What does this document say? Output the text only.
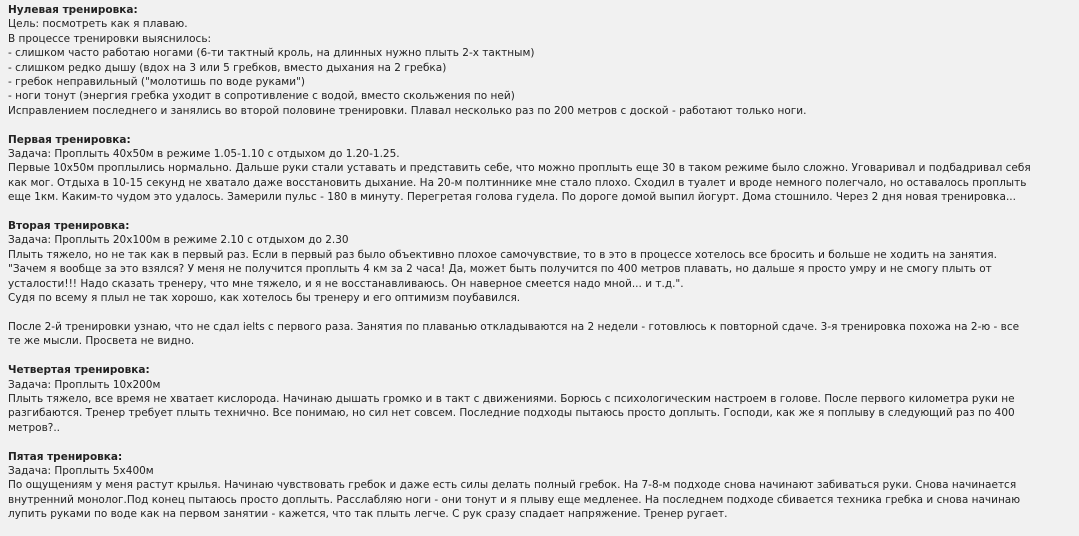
Нулевая тренировка:
Цель: посмотреть как я плаваю.
В процессе тренировки выяснилось:
- слишком часто работаю ногами (6-ти тактный кроль, на длинных нужно плыть 2-х тактным)
- слишком редко дышу (вдох на 3 или 5 гребков, вместо дыхания на 2 гребка)
- гребок неправильный ("молотишь по воде руками")
- ноги тонут (энергия гребка уходит в сопротивление с водой, вместо скольжения по ней)
Исправлением последнего и занялись во второй половине тренировки. Плавал несколько раз по 200 метров с доской - работают только ноги.
Первая тренировка:
Задача: Проплыть 40x50м в режиме 1.05-1.10 с отдыхом до 1.20-1.25.
Первые 10x50м проплылись нормально. Дальше руки стали уставать и представить себе, что можно проплыть еще 30 в таком режиме было сложно. Уговаривал и подбадривал себя
как мог. Отдыха в 10-15 секунд не хватало даже восстановить дыхание. На 20-м полтиннике мне стало плохо. Сходил в туалет и вроде немного полегчало, но оставалось проплыть
еще 1км. Каким-то чудом это удалось. Замерили пульс - 180 в минуту. Перегретая голова гудела. По дороге домой выпил йогурт. Дома стошнило. Через 2 дня новая тренировка...
Вторая тренировка:
Задача: Проплыть 20x100м в режиме 2.10 с отдыхом до 2.30
Плыть тяжело, но не так как в первый раз. Если в первый раз было объективно плохое самочувствие, то в это в процессе хотелось все бросить и больше не ходить на занятия.
"Зачем я вообще за это взялся? У меня не получится проплыть 4 км за 2 часа! Да, может быть получится по 400 метров плавать, но дальше я просто умру и не смогу плыть от
усталости!!! Надо сказать тренеру, что мне тяжело, и я не восстанавливаюсь. Он наверное смеется надо мной... и т.д.".
Судя по всему я плыл не так хорошо, как хотелось бы тренеру и его оптимизм поубавился.
После 2-й тренировки узнаю, что не сдал ielts с первого раза. Занятия по плаванью откладываются на 2 недели - готовлюсь к повторной сдаче. 3-я тренировка похожа на 2-ю - все
те же мысли. Просвета не видно.
Четвертая тренировка:
Задача: Проплыть 10x200м
Плыть тяжело, все время не хватает кислорода. Начинаю дышать громко и в такт с движениями. Борюсь с психологическим настроем в голове. После первого километра руки не
разгибаются. Тренер требует плыть технично. Все понимаю, но сил нет совсем. Последние подходы пытаюсь просто доплыть. Господи, как же я поплыву в следующий раз по 400
метров?..
Пятая тренировка:
Задача: Проплыть 5x400м
По ощущениям у меня растут крылья. Начинаю чувствовать гребок и даже есть силы делать полный гребок. На 7-8-м подходе снова начинают забиваться руки. Снова начинается
внутренний монолог.Под конец пытаюсь просто доплыть. Расслабляю ноги - они тонут и я плыву еще медленее. На последнем подходе сбивается техника гребка и снова начинаю
лупить руками по воде как на первом занятии - кажется, что так плыть легче. С рук сразу спадает напряжение. Тренер ругает.
